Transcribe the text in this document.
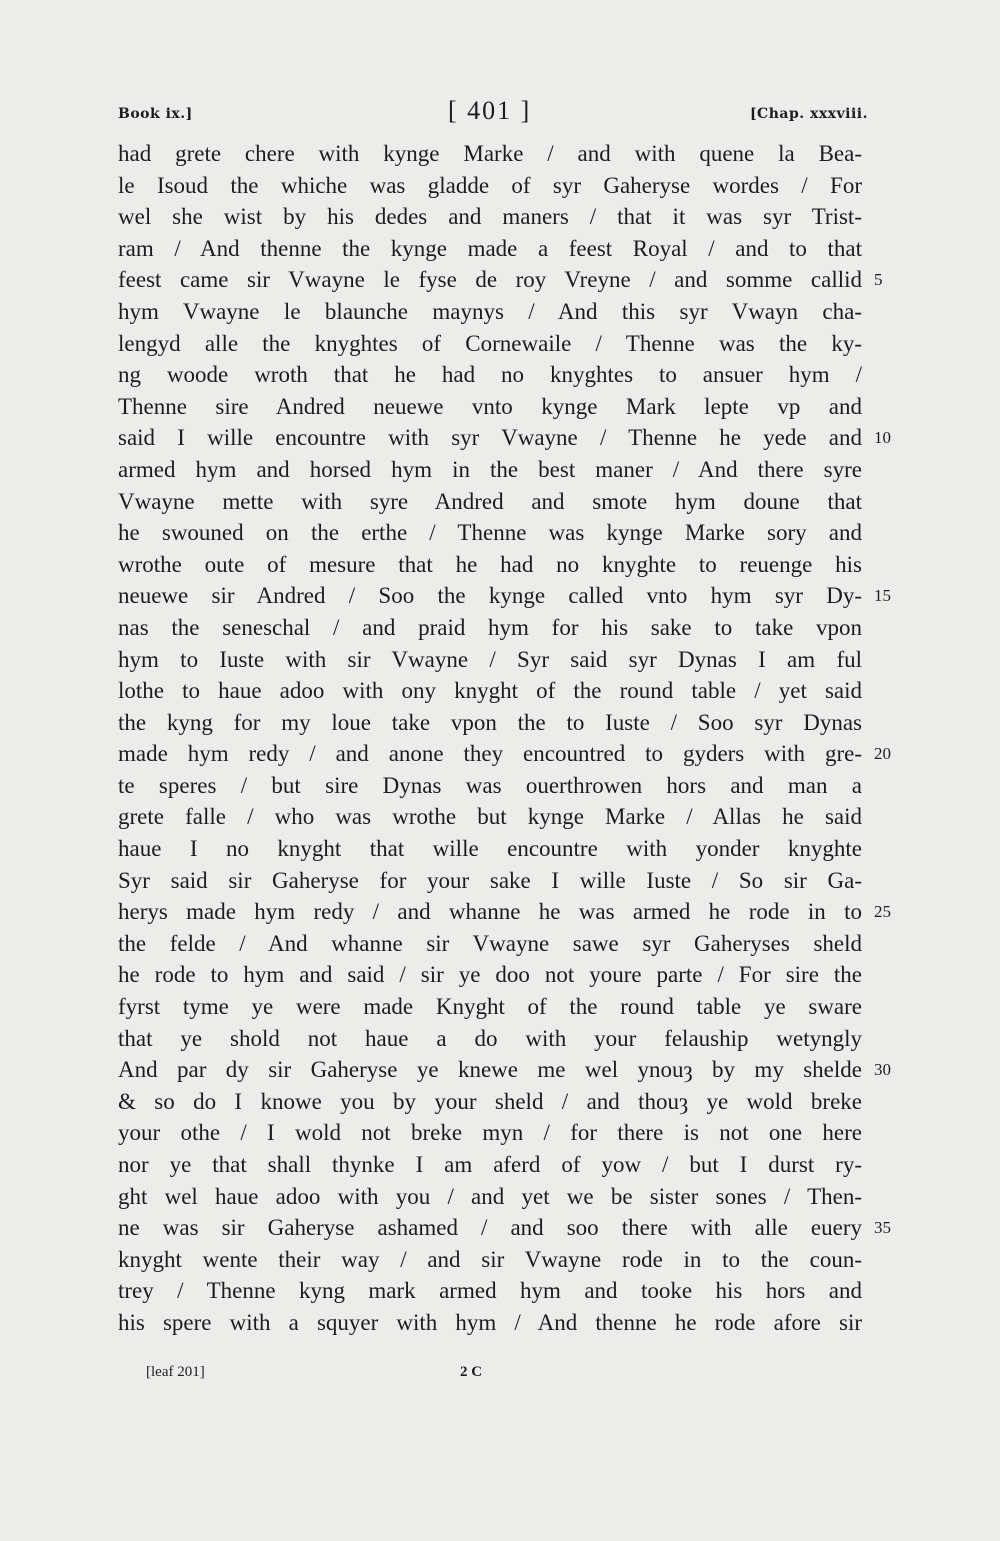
Book ix.]	[ 401 ]	[Chap. xxxviii.
had grete chere with kynge Marke / and with quene la Bea-
le Isoud the whiche was gladde of syr Gaheryse wordes / For
wel she wist by his dedes and maners / that it was syr Trist-
ram / And thenne the kynge made a feest Royal / and to that
feest came sir Vwayne le fyse de roy Vreyne / and somme callid 5
hym Vwayne le blaunche maynys / And this syr Vwayn cha-
lengyd alle the knyghtes of Cornewaile / Thenne was the ky-
ng woode wroth that he had no knyghtes to ansuer hym /
Thenne sire Andred neuewe vnto kynge Mark lepte vp and
said I wille encountre with syr Vwayne / Thenne he yede and 10
armed hym and horsed hym in the best maner / And there syre
Vwayne mette with syre Andred and smote hym doune that
he swouned on the erthe / Thenne was kynge Marke sory and
wrothe oute of mesure that he had no knyghte to reuenge his
neuewe sir Andred / Soo the kynge called vnto hym syr Dy- 15
nas the seneschal / and praid hym for his sake to take vpon
hym to Iuste with sir Vwayne / Syr said syr Dynas I am ful
lothe to haue adoo with ony knyght of the round table / yet said
the kyng for my loue take vpon the to Iuste / Soo syr Dynas
made hym redy / and anone they encountred to gyders with gre- 20
te speres / but sire Dynas was ouerthrowen hors and man a
grete falle / who was wrothe but kynge Marke / Allas he said
haue I no knyght that wille encountre with yonder knyghte
Syr said sir Gaheryse for your sake I wille Iuste / So sir Ga-
herys made hym redy / and whanne he was armed he rode in to 25
the felde / And whanne sir Vwayne sawe syr Gaheryses sheld
he rode to hym and said / sir ye doo not youre parte / For sire the
fyrst tyme ye were made Knyght of the round table ye sware
that ye shold not haue a do with your felauship wetyngly
And par dy sir Gaheryse ye knewe me wel ynouȝ by my shelde 30
& so do I knowe you by your sheld / and thouȝ ye wold breke
your othe / I wold not breke myn / for there is not one here
nor ye that shall thynke I am aferd of yow / but I durst ry-
ght wel haue adoo with you / and yet we be sister sones / Then-
ne was sir Gaheryse ashamed / and soo there with alle euery 35
knyght wente their way / and sir Vwayne rode in to the coun-
trey / Thenne kyng mark armed hym and tooke his hors and
his spere with a squyer with hym / And thenne he rode afore sir
[leaf 201]	2 C
